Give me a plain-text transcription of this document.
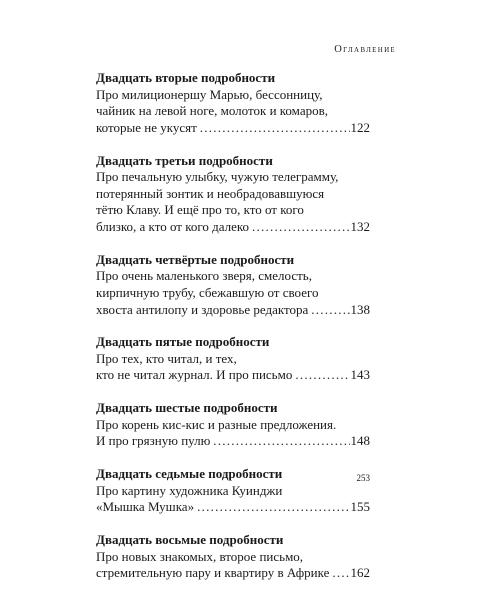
Оглавление
Двадцать вторые подробности
Про милиционершу Марью, бессонницу,
чайник на левой ноге, молоток и комаров,
которые не укусят . . .	122
Двадцать третьи подробности
Про печальную улыбку, чужую телеграмму,
потерянный зонтик и необрадовавшуюся
тётю Клаву. И ещё про то, кто от кого
близко, а кто от кого далеко . . .	132
Двадцать четвёртые подробности
Про очень маленького зверя, смелость,
кирпичную трубу, сбежавшую от своего
хвоста антилопу и здоровье редактора . . .	138
Двадцать пятые подробности
Про тех, кто читал, и тех,
кто не читал журнал. И про письмо . . .	143
Двадцать шестые подробности
Про корень кис-кис и разные предложения.
И про грязную пулю . . .	148
Двадцать седьмые подробности
Про картину художника Куинджи
«Мышка Мушка» . . .	155
Двадцать восьмые подробности
Про новых знакомых, второе письмо,
стремительную пару и квартиру в Африке . . . 162
253
